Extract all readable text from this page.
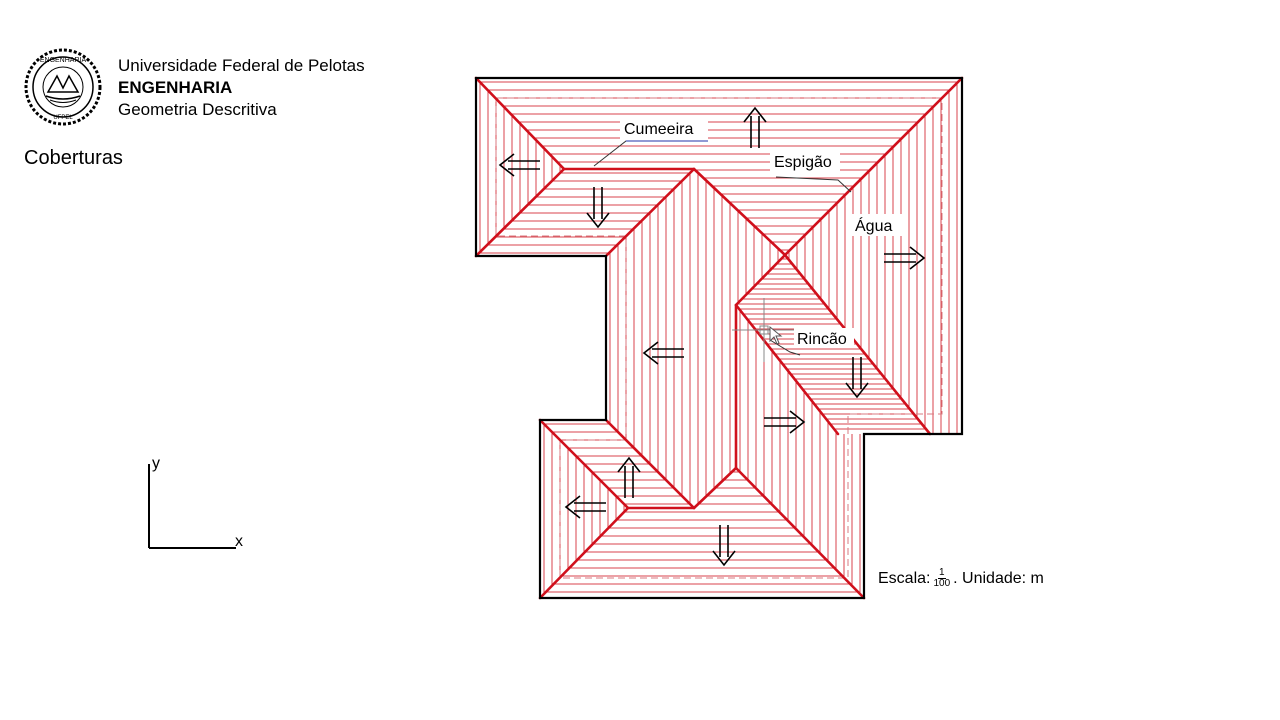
ENGENHARIA
UFPEL
Universidade Federal de Pelotas
ENGENHARIA
Geometria Descritiva
Coberturas
y
x
Cumeeira
Espigão
Água
Rincão
Escala: $\frac{1}{100}$ . Unidade: m
